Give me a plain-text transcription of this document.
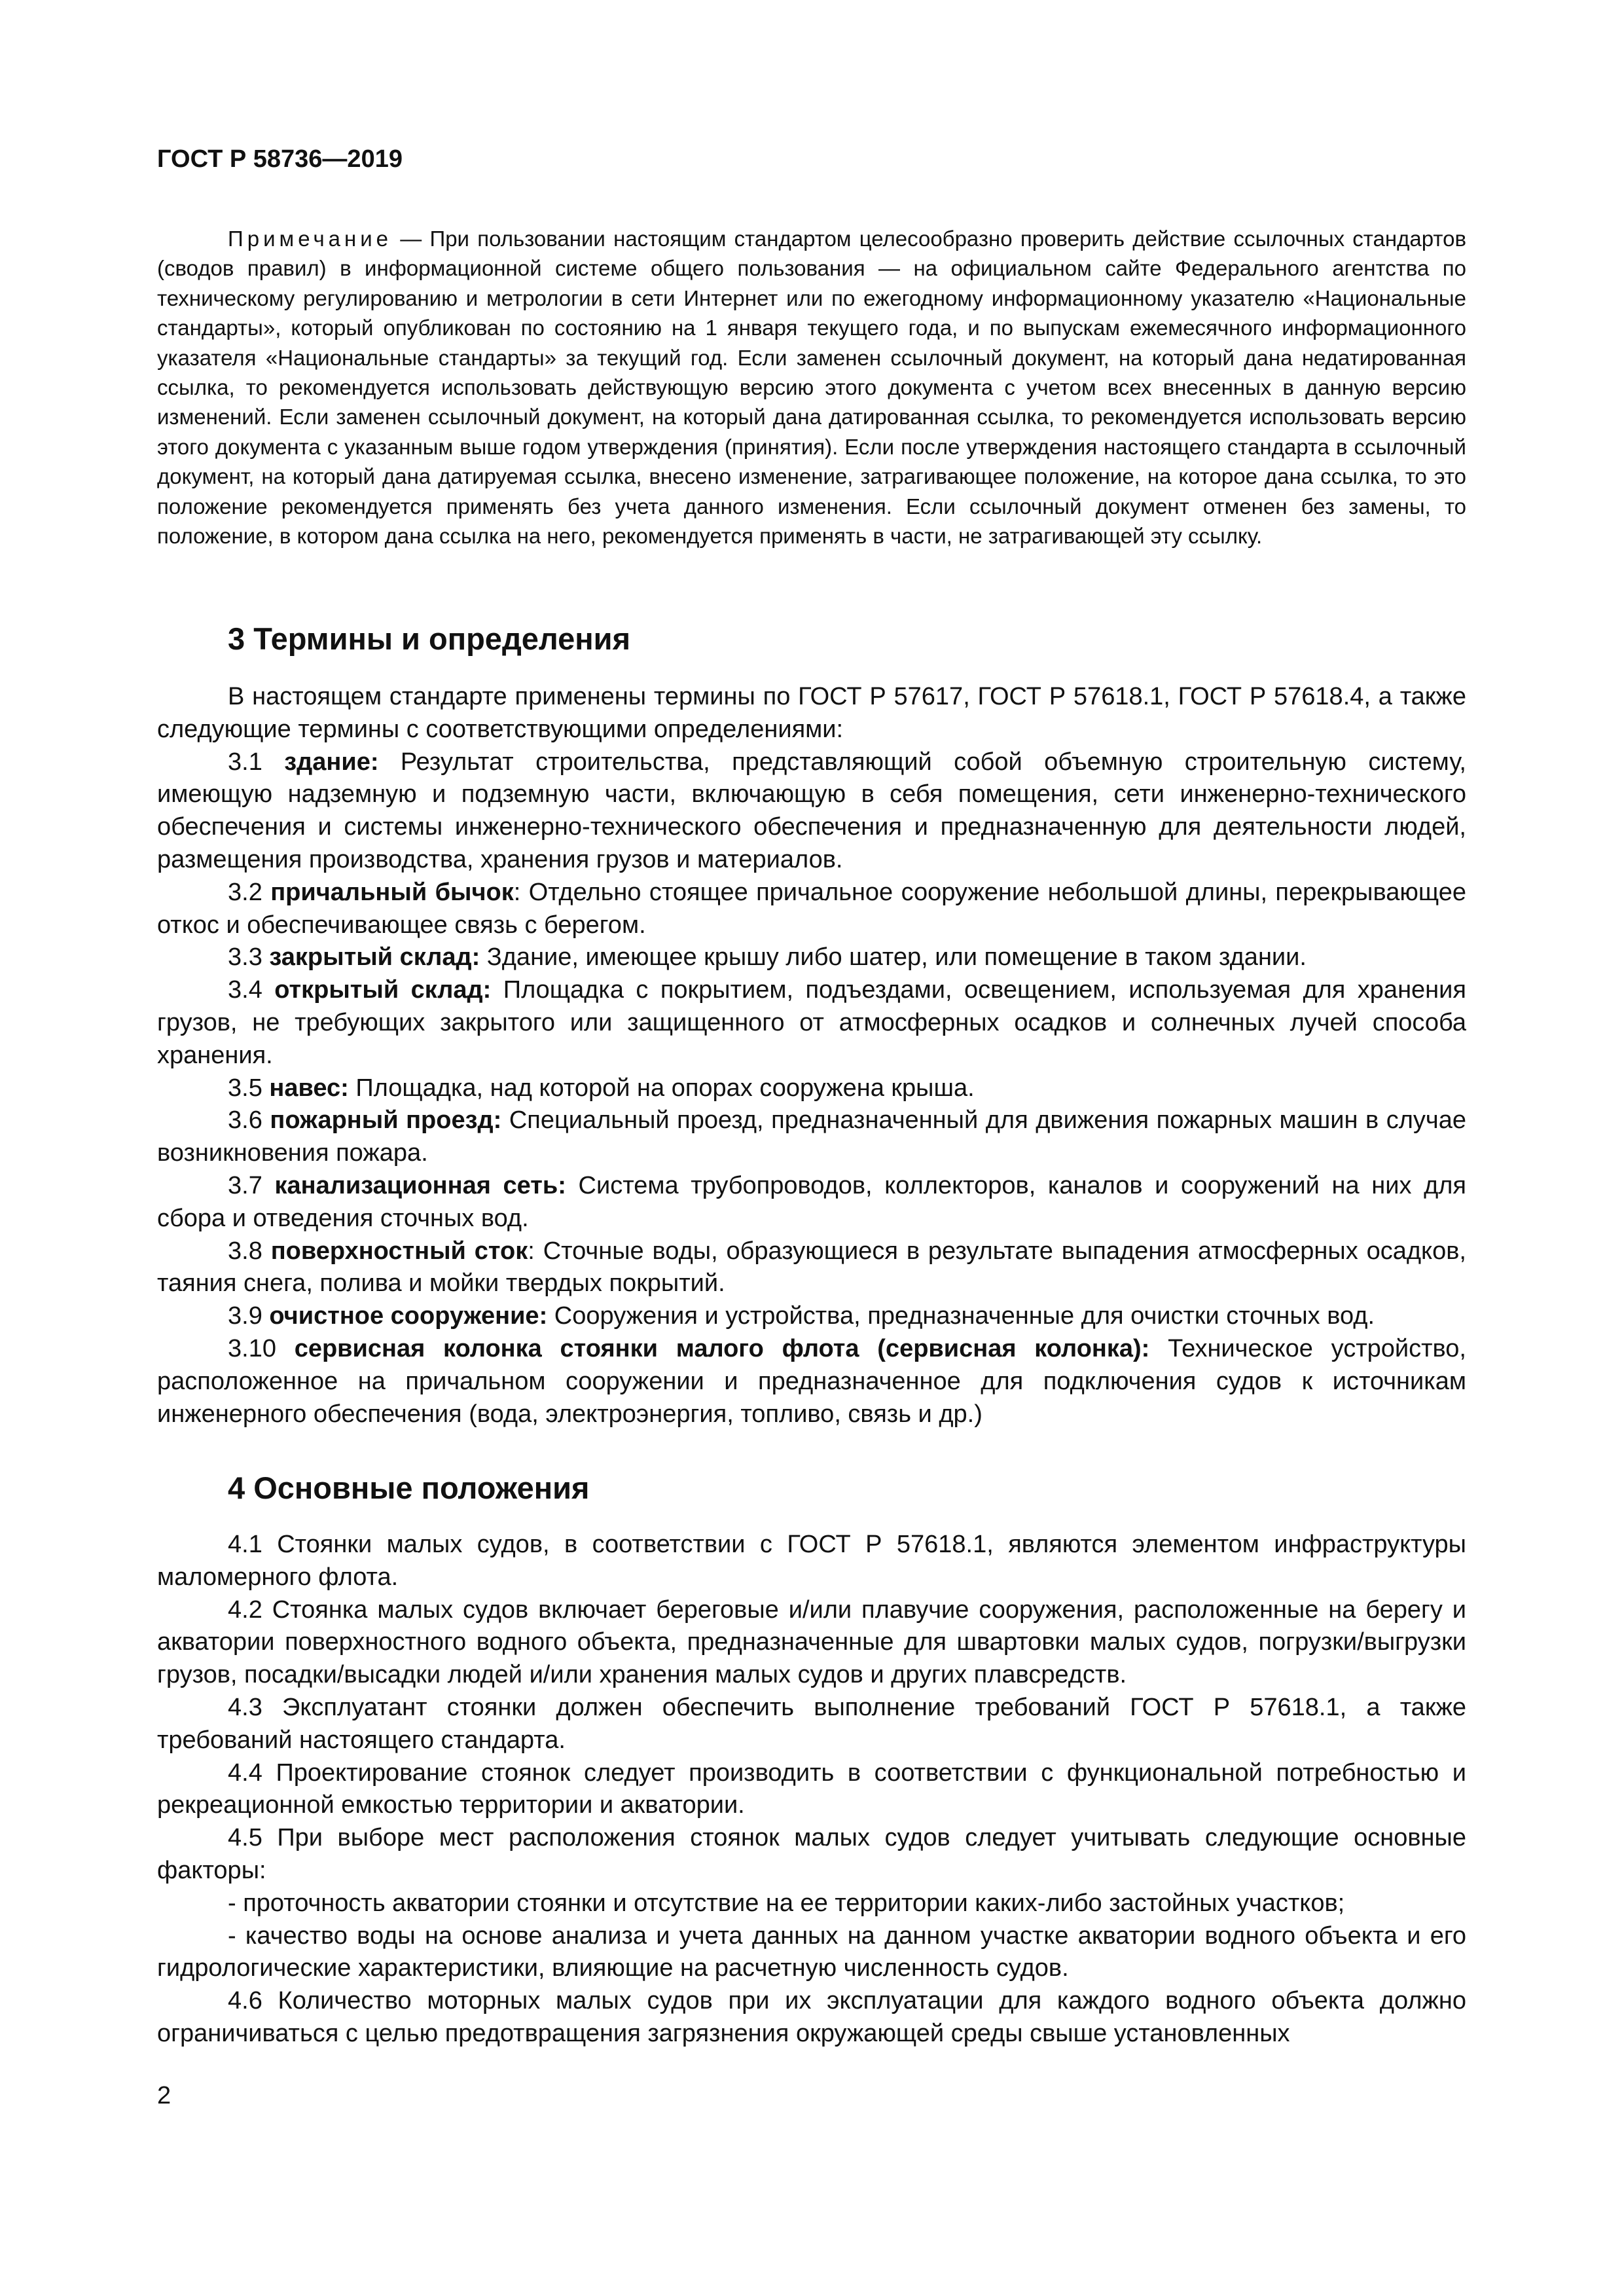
ГОСТ Р 58736—2019
Примечание — При пользовании настоящим стандартом целесообразно проверить действие ссылочных стандартов (сводов правил) в информационной системе общего пользования — на официальном сайте Федерального агентства по техническому регулированию и метрологии в сети Интернет или по ежегодному информационному указателю «Национальные стандарты», который опубликован по состоянию на 1 января текущего года, и по выпускам ежемесячного информационного указателя «Национальные стандарты» за текущий год. Если заменен ссылочный документ, на который дана недатированная ссылка, то рекомендуется использовать действующую версию этого документа с учетом всех внесенных в данную версию изменений. Если заменен ссылочный документ, на который дана датированная ссылка, то рекомендуется использовать версию этого документа с указанным выше годом утверждения (принятия). Если после утверждения настоящего стандарта в ссылочный документ, на который дана датируемая ссылка, внесено изменение, затрагивающее положение, на которое дана ссылка, то это положение рекомендуется применять без учета данного изменения. Если ссылочный документ отменен без замены, то положение, в котором дана ссылка на него, рекомендуется применять в части, не затрагивающей эту ссылку.
3 Термины и определения

В настоящем стандарте применены термины по ГОСТ Р 57617, ГОСТ Р 57618.1, ГОСТ Р 57618.4, а также следующие термины с соответствующими определениями:

3.1 здание: Результат строительства, представляющий собой объемную строительную систему, имеющую надземную и подземную части, включающую в себя помещения, сети инженерно-технического обеспечения и системы инженерно-технического обеспечения и предназначенную для деятельности людей, размещения производства, хранения грузов и материалов.

3.2 причальный бычок: Отдельно стоящее причальное сооружение небольшой длины, перекрывающее откос и обеспечивающее связь с берегом.

3.3 закрытый склад: Здание, имеющее крышу либо шатер, или помещение в таком здании.

3.4 открытый склад: Площадка с покрытием, подъездами, освещением, используемая для хранения грузов, не требующих закрытого или защищенного от атмосферных осадков и солнечных лучей способа хранения.

3.5 навес: Площадка, над которой на опорах сооружена крыша.

3.6 пожарный проезд: Специальный проезд, предназначенный для движения пожарных машин в случае возникновения пожара.

3.7 канализационная сеть: Система трубопроводов, коллекторов, каналов и сооружений на них для сбора и отведения сточных вод.

3.8 поверхностный сток: Сточные воды, образующиеся в результате выпадения атмосферных осадков, таяния снега, полива и мойки твердых покрытий.

3.9 очистное сооружение: Сооружения и устройства, предназначенные для очистки сточных вод.

3.10 сервисная колонка стоянки малого флота (сервисная колонка): Техническое устройство, расположенное на причальном сооружении и предназначенное для подключения судов к источникам инженерного обеспечения (вода, электроэнергия, топливо, связь и др.)

4 Основные положения

4.1 Стоянки малых судов, в соответствии с ГОСТ Р 57618.1, являются элементом инфраструктуры маломерного флота.

4.2 Стоянка малых судов включает береговые и/или плавучие сооружения, расположенные на берегу и акватории поверхностного водного объекта, предназначенные для швартовки малых судов, погрузки/выгрузки грузов, посадки/высадки людей и/или хранения малых судов и других плавсредств.

4.3 Эксплуатант стоянки должен обеспечить выполнение требований ГОСТ Р 57618.1, а также требований настоящего стандарта.

4.4 Проектирование стоянок следует производить в соответствии с функциональной потребностью и рекреационной емкостью территории и акватории.

4.5 При выборе мест расположения стоянок малых судов следует учитывать следующие основные факторы:

- проточность акватории стоянки и отсутствие на ее территории каких-либо застойных участков;

- качество воды на основе анализа и учета данных на данном участке акватории водного объекта и его гидрологические характеристики, влияющие на расчетную численность судов.

4.6 Количество моторных малых судов при их эксплуатации для каждого водного объекта должно ограничиваться с целью предотвращения загрязнения окружающей среды свыше установленных

2
